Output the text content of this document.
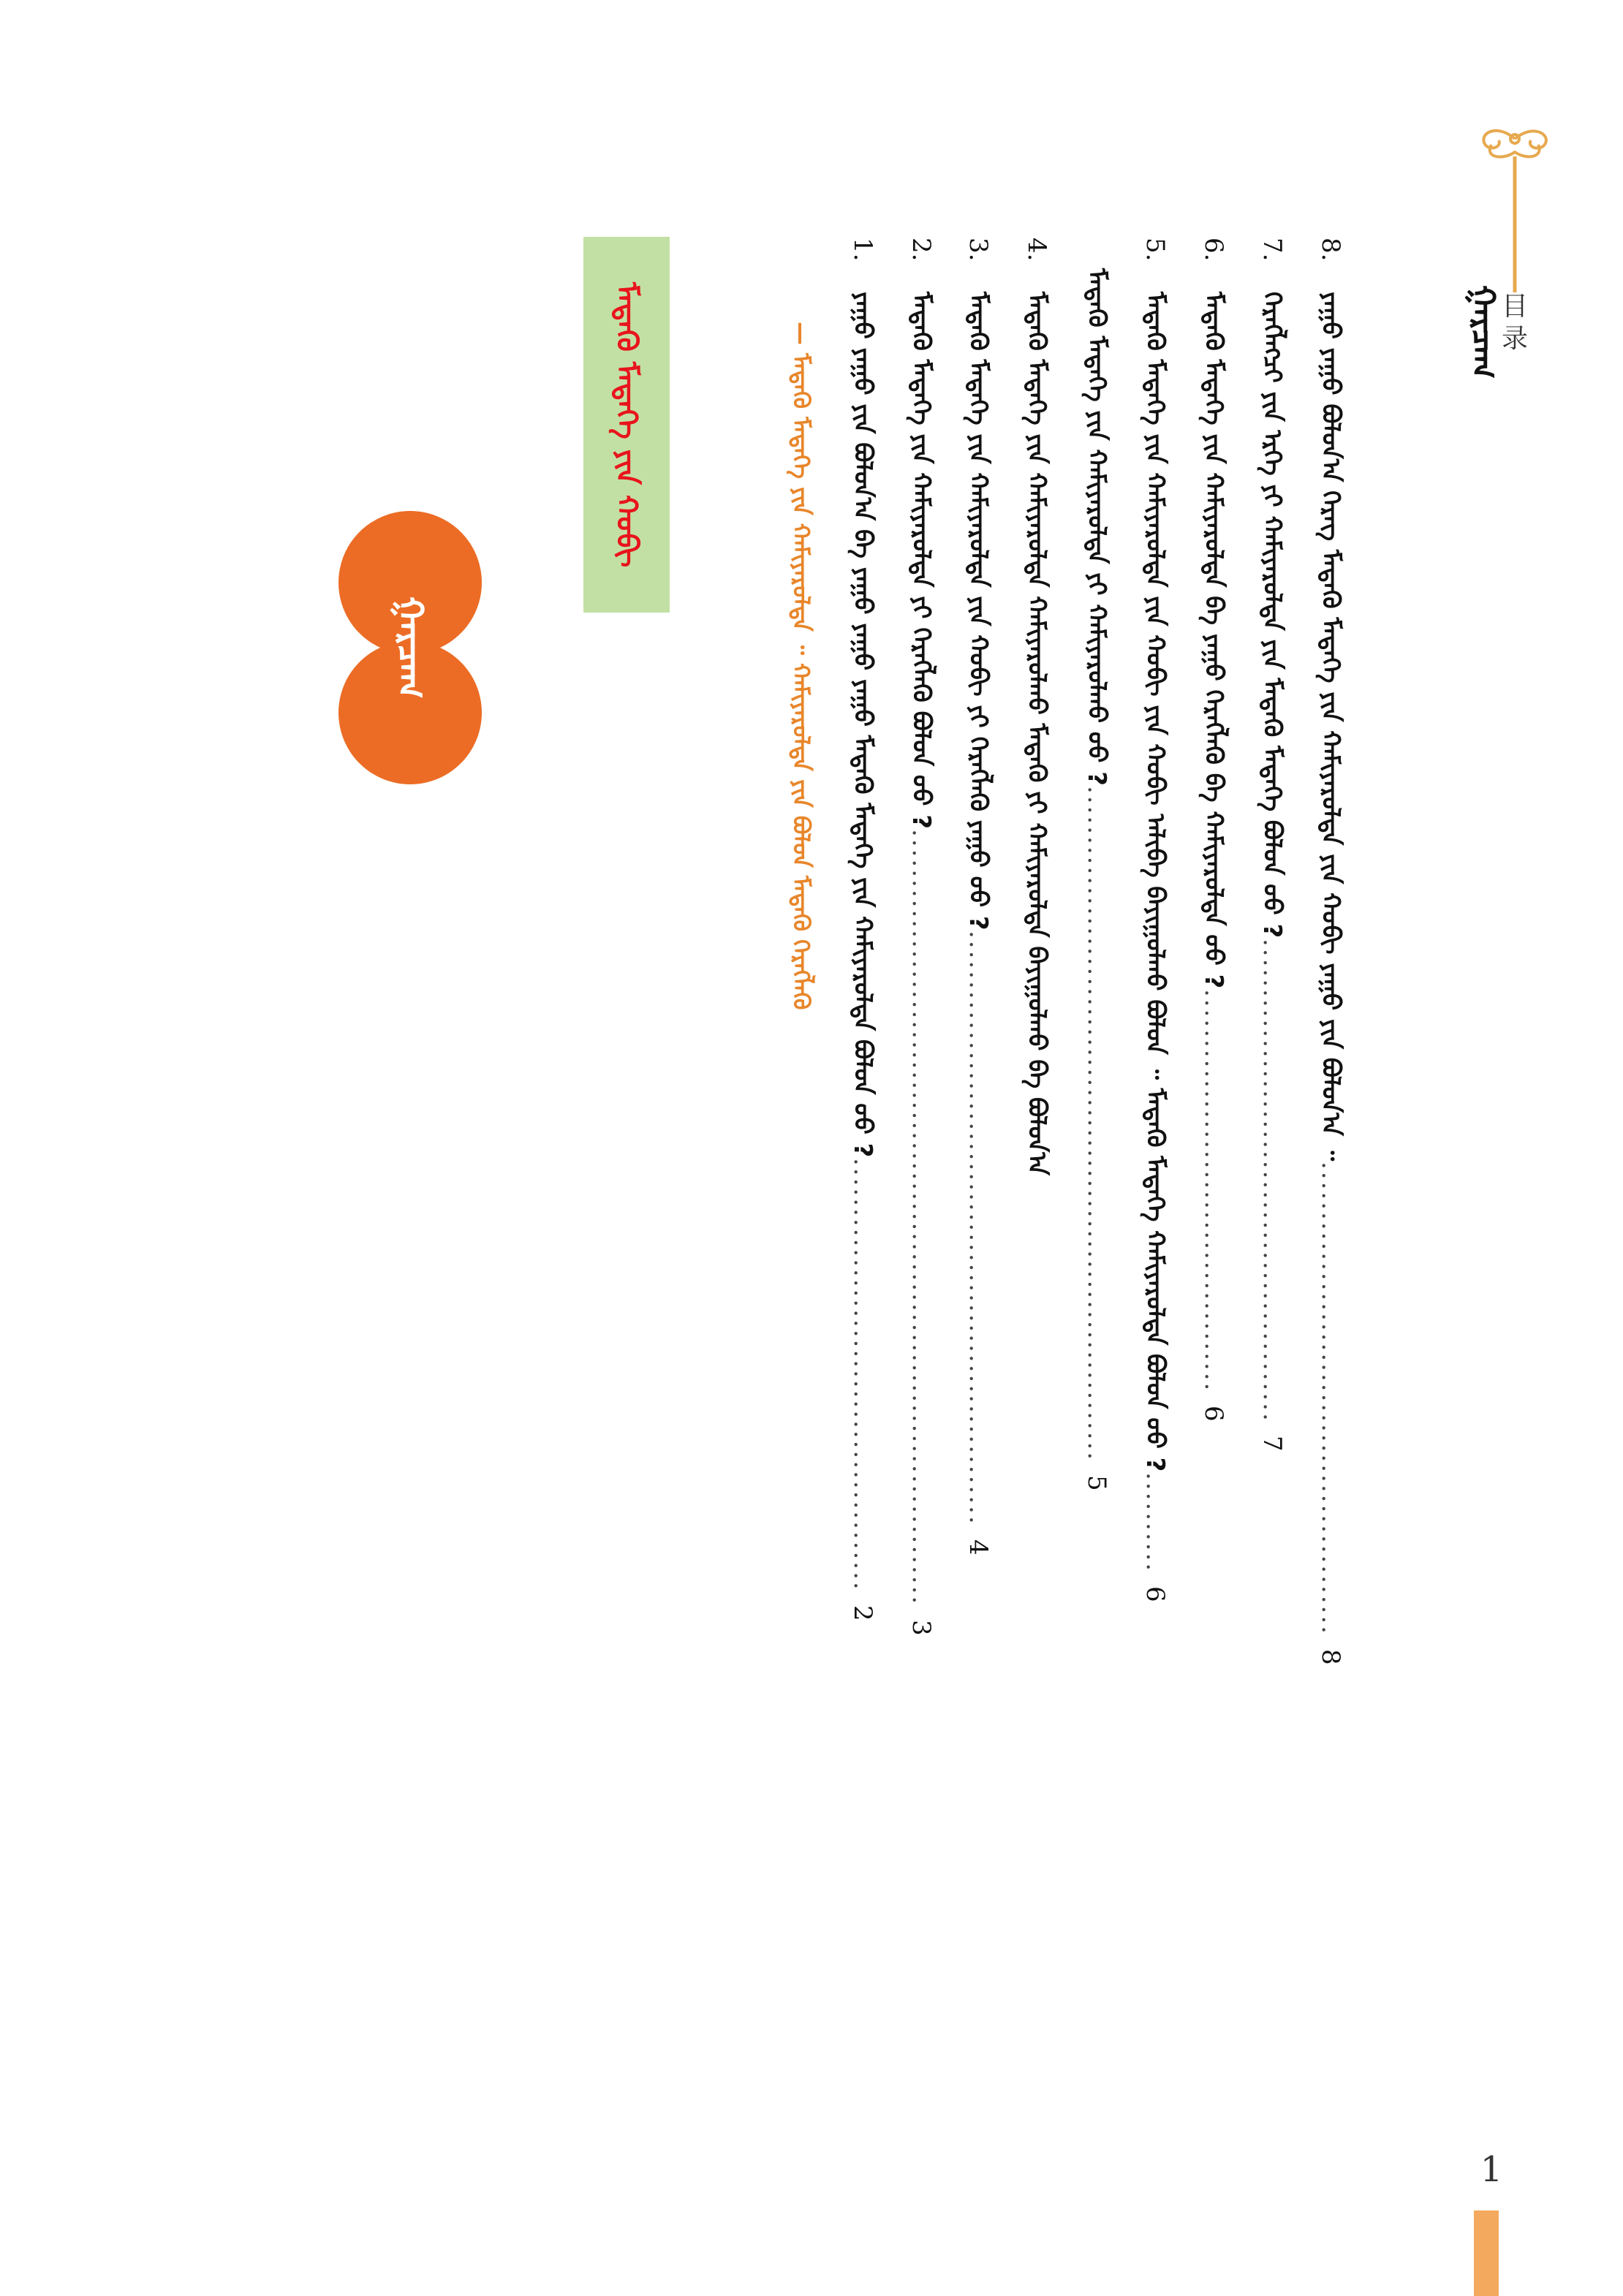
ᠭᠠᠷᠴᠠᠭ 目录
8.
ᠶᠠᠭᠤ ᠶᠠᠭᠤ ᠪᠣᠯᠤᠨ᠎ᠠ ᠬᠡᠷᠡᠭ ᠮᠡᠳᠡᠬᠦ ᠮᠡᠳᠡᠭᠡ ᠶᠢᠨ ᠬᠠᠮᠢᠶᠠᠷᠤᠯᠲᠠ ᠶᠢᠨ ᠬᠤᠪᠢ ᠶᠠᠭᠤ ᠶᠢᠨ ᠪᠣᠯᠤᠨ᠎ᠠ ᠃
...............................................
8
7.
ᠬᠡᠷᠡᠭᠯᠡᠭᠴᠢ ᠶᠢᠨ ᠡᠷᠬᠡ ᠶᠢ ᠬᠠᠮᠢᠶᠠᠷᠤᠯᠲᠠ ᠶᠢᠨ ᠮᠡᠳᠡᠬᠦ ᠮᠡᠳᠡᠭᠡ ᠪᠣᠯᠤᠨ ᠤᠤ ?
................................................
7
6.
ᠮᠡᠳᠡᠬᠦ ᠮᠡᠳᠡᠭᠡ ᠶᠢᠨ ᠬᠠᠮᠢᠶᠠᠷᠤᠯᠲᠠ ᠪᠠ ᠶᠠᠭᠤ ᠬᠡᠷᠡᠭᠯᠡᠬᠦ ᠪᠡ ᠬᠠᠮᠢᠶᠠᠷᠤᠯᠲᠠ ᠤᠤ ?
........................................
6
5.
ᠮᠡᠳᠡᠬᠦ ᠮᠡᠳᠡᠭᠡ ᠶᠢᠨ ᠬᠠᠮᠢᠶᠠᠷᠤᠯᠲᠠ ᠶᠢᠨ ᠬᠤᠪᠢ ᠶᠢᠨ ᠬᠤᠪᠢ ᠠᠯᠢᠪᠠ ᠪᠠᠶᠢᠭᠤᠯᠬᠤ ᠪᠣᠯᠤᠨ ᠃ ᠮᠡᠳᠡᠬᠦ ᠮᠡᠳᠡᠭᠡ ᠬᠠᠮᠢᠶᠠᠷᠤᠯᠲᠠ ᠪᠣᠯᠤᠨ ᠤᠤ ?
..........
6
ᠮᠡᠳᠡᠬᠦ ᠮᠡᠳᠡᠭᠡ ᠶᠢᠨ ᠬᠠᠮᠢᠶᠠᠷᠤᠯᠲᠠ ᠶᠢ ᠬᠠᠮᠢᠶᠠᠷᠤᠯᠬᠤ ᠤᠤ ?
...................................................................
5
4.
ᠮᠡᠳᠡᠬᠦ ᠮᠡᠳᠡᠭᠡ ᠶᠢᠨ ᠬᠠᠮᠢᠶᠠᠷᠤᠯᠲᠠ ᠬᠠᠮᠢᠶᠠᠷᠤᠯᠬᠤ ᠮᠡᠳᠡᠬᠦ ᠶᠢ ᠬᠠᠮᠢᠶᠠᠷᠤᠯᠲᠠ ᠪᠠᠶᠢᠭᠤᠯᠬᠤ ᠪᠠ ᠪᠣᠯᠤᠨ᠎ᠠ
3.
ᠮᠡᠳᠡᠬᠦ ᠮᠡᠳᠡᠭᠡ ᠶᠢᠨ ᠬᠠᠮᠢᠶᠠᠷᠤᠯᠲᠠ ᠶᠢᠨ ᠬᠤᠪᠢ ᠶᠢ ᠬᠡᠷᠡᠭᠯᠡᠬᠦ ᠶᠠᠭᠤ ᠤᠤ ?
...........................................................
4
2.
ᠮᠡᠳᠡᠬᠦ ᠮᠡᠳᠡᠭᠡ ᠶᠢᠨ ᠬᠠᠮᠢᠶᠠᠷᠤᠯᠲᠠ ᠶᠢ ᠬᠡᠷᠡᠭᠯᠡᠬᠦ ᠪᠣᠯᠤᠨ ᠤᠤ ?
.............................................................................
3
1.
ᠶᠠᠭᠤ ᠶᠠᠭᠤ ᠶᠢᠨ ᠪᠣᠯᠤᠨ᠎ᠠ ᠪᠠ ᠶᠠᠭᠤ ᠶᠠᠭᠤ ᠶᠠᠭᠤ ᠮᠡᠳᠡᠬᠦ ᠮᠡᠳᠡᠭᠡ ᠶᠢᠨ ᠬᠠᠮᠢᠶᠠᠷᠤᠯᠲᠠ ᠪᠣᠯᠤᠨ ᠤᠤ ?
...........................................
2
— ᠮᠡᠳᠡᠬᠦ ᠮᠡᠳᠡᠭᠡ ᠶᠢᠨ ᠬᠠᠮᠢᠶᠠᠷᠤᠯᠲᠠ ᠃ ᠬᠠᠮᠢᠶᠠᠷᠤᠯᠲᠠ ᠶᠢᠨ ᠪᠣᠯᠤᠨ ᠮᠡᠳᠡᠬᠦ ᠬᠡᠷᠡᠭᠯᠡᠬᠦ
ᠮᠡᠳᠡᠬᠦ ᠮᠡᠳᠡᠭᠡ ᠶᠢᠨ ᠬᠤᠪᠢ
ᠭᠠᠷᠴᠠᠭ
1
